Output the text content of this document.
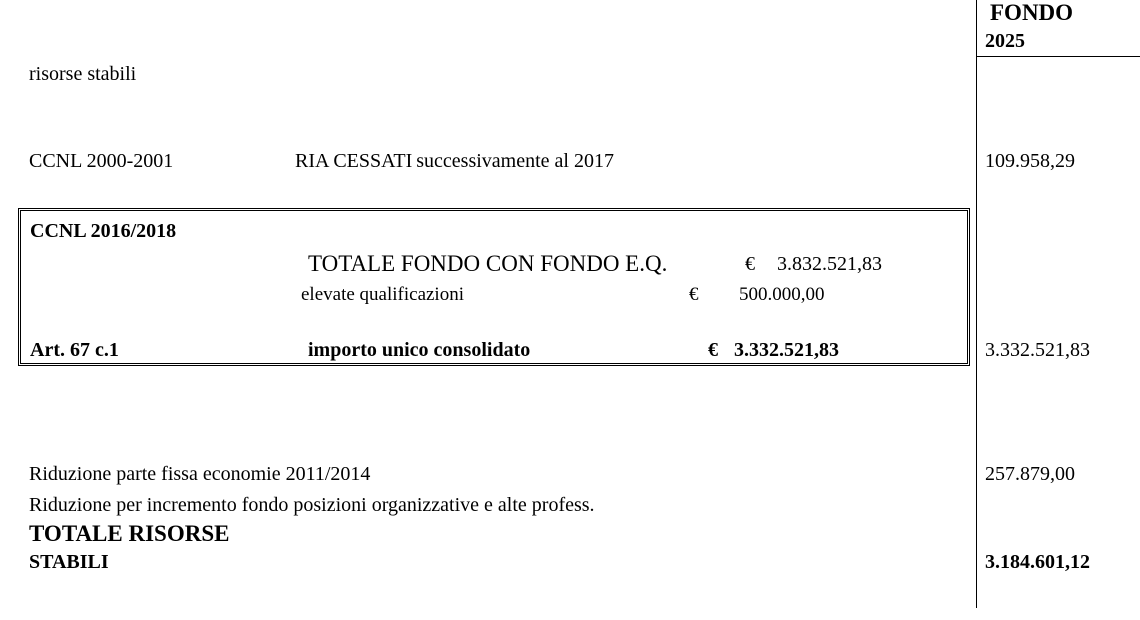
FONDO
2025
risorse stabili
CCNL 2000-2001	RIA CESSATI successivamente al 2017	109.958,29
CCNL 2016/2018
TOTALE FONDO CON FONDO E.Q.	€ 3.832.521,83
elevate qualificazioni	€ 500.000,00
Art. 67 c.1	importo unico consolidato	€ 3.332.521,83	3.332.521,83
Riduzione parte fissa economie 2011/2014	257.879,00
Riduzione per incremento fondo posizioni organizzative e alte profess.
TOTALE RISORSE
STABILI	3.184.601,12
